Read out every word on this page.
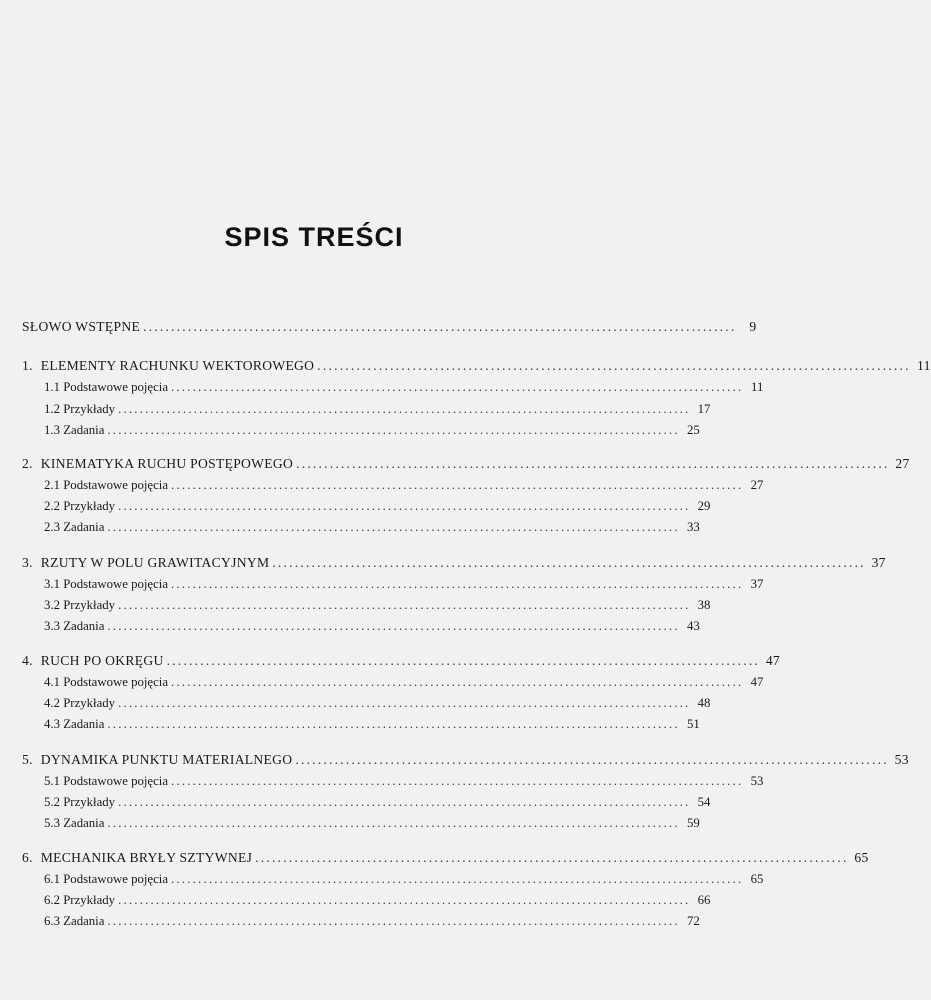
SPIS TREŚCI
SŁOWO WSTĘPNE .......................................................................................................... 9
1. ELEMENTY RACHUNKU WEKTOROWEGO .......................................................................................................... 11
1.1 Podstawowe pojęcia .......................................................................................................... 11
1.2 Przykłady .......................................................................................................... 17
1.3 Zadania .......................................................................................................... 25
2. KINEMATYKA RUCHU POSTĘPOWEGO .......................................................................................................... 27
2.1 Podstawowe pojęcia .......................................................................................................... 27
2.2 Przykłady .......................................................................................................... 29
2.3 Zadania .......................................................................................................... 33
3. RZUTY W POLU GRAWITACYJNYM .......................................................................................................... 37
3.1 Podstawowe pojęcia .......................................................................................................... 37
3.2 Przykłady .......................................................................................................... 38
3.3 Zadania .......................................................................................................... 43
4. RUCH PO OKRĘGU .......................................................................................................... 47
4.1 Podstawowe pojęcia .......................................................................................................... 47
4.2 Przykłady .......................................................................................................... 48
4.3 Zadania .......................................................................................................... 51
5. DYNAMIKA PUNKTU MATERIALNEGO .......................................................................................................... 53
5.1 Podstawowe pojęcia .......................................................................................................... 53
5.2 Przykłady .......................................................................................................... 54
5.3 Zadania .......................................................................................................... 59
6. MECHANIKA BRYŁY SZTYWNEJ .......................................................................................................... 65
6.1 Podstawowe pojęcia .......................................................................................................... 65
6.2 Przykłady .......................................................................................................... 66
6.3 Zadania .......................................................................................................... 72
